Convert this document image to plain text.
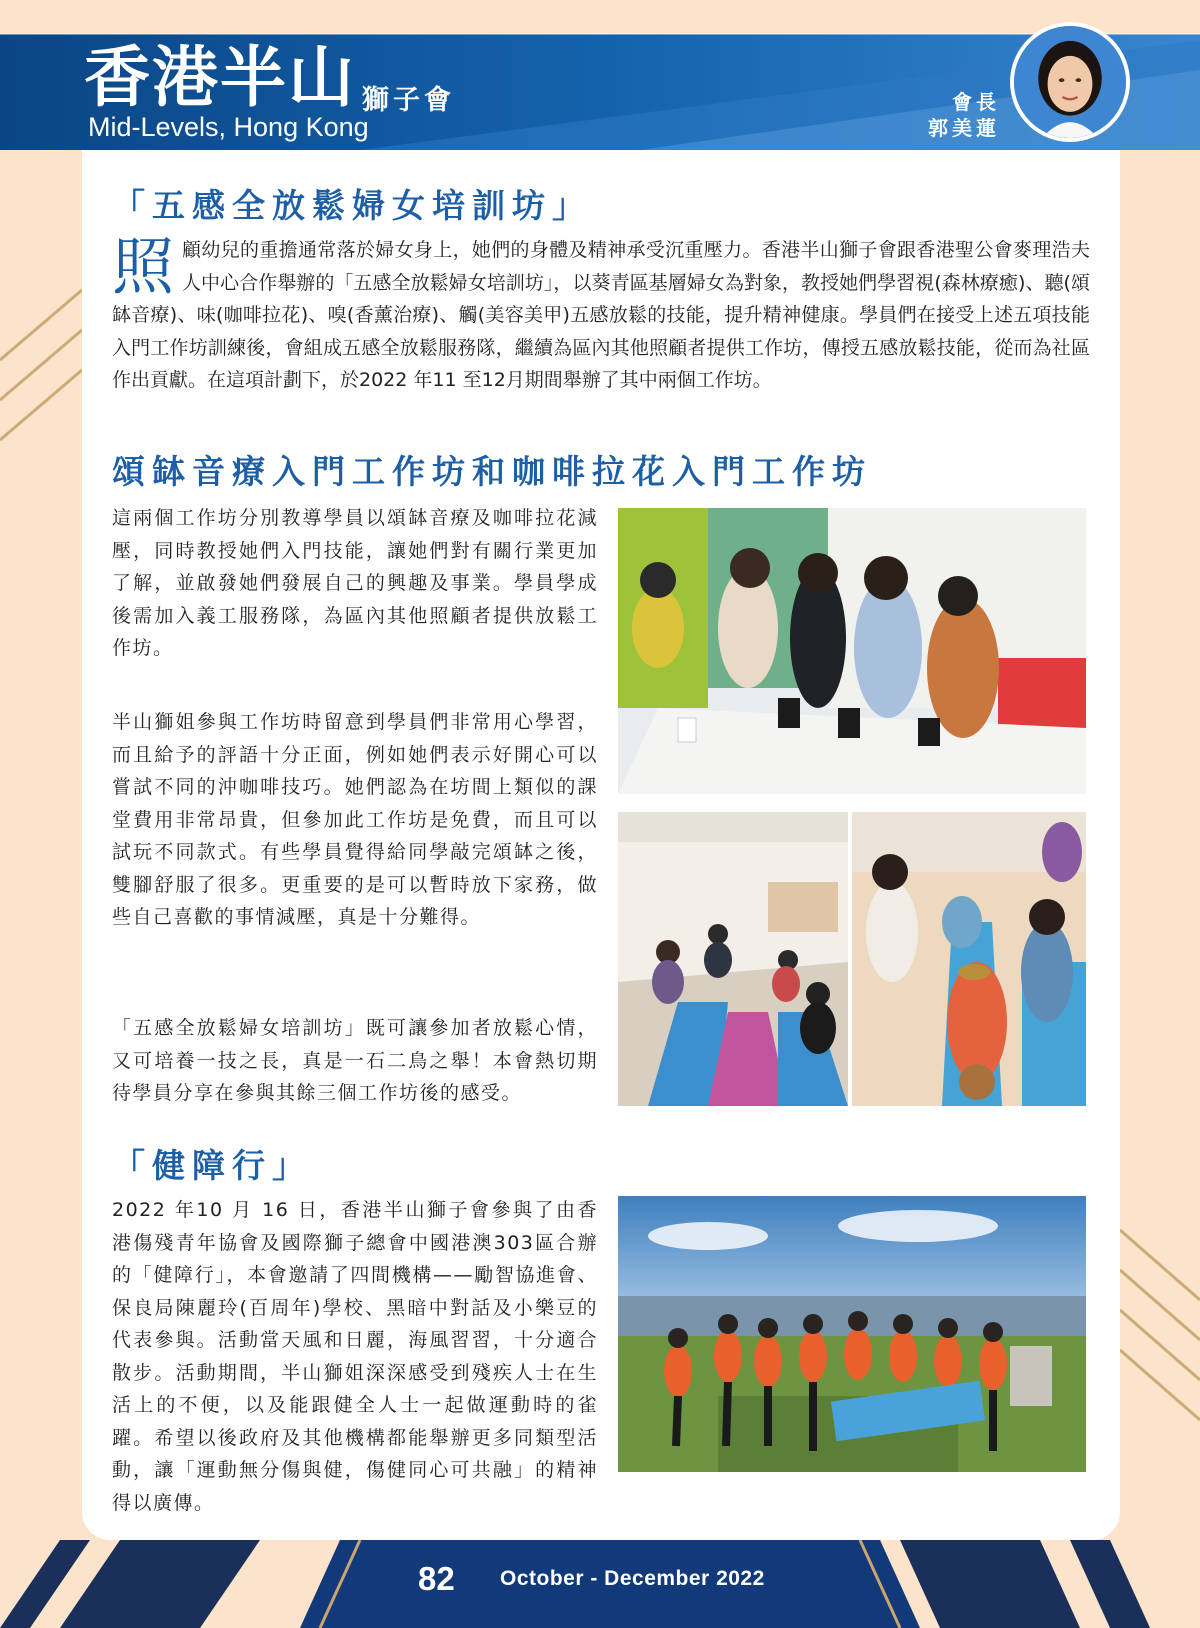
香港半山 獅子會
Mid-Levels, Hong Kong
會長
郭美蓮
「五感全放鬆婦女培訓坊」

照顧幼兒的重擔通常落於婦女身上，她們的身體及精神承受沉重壓力。香港半山獅子會跟香港聖公會麥理浩夫人中心合作舉辦的「五感全放鬆婦女培訓坊」，以葵青區基層婦女為對象，教授她們學習視(森林療癒)、聽(頌缽音療)、味(咖啡拉花)、嗅(香薰治療)、觸(美容美甲)五感放鬆的技能，提升精神健康。學員們在接受上述五項技能入門工作坊訓練後，會組成五感全放鬆服務隊，繼續為區內其他照顧者提供工作坊，傳授五感放鬆技能，從而為社區作出貢獻。在這項計劃下，於2022 年11 至12月期間舉辦了其中兩個工作坊。

頌缽音療入門工作坊和咖啡拉花入門工作坊

這兩個工作坊分別教導學員以頌缽音療及咖啡拉花減壓，同時教授她們入門技能，讓她們對有關行業更加了解，並啟發她們發展自己的興趣及事業。學員學成後需加入義工服務隊，為區內其他照顧者提供放鬆工作坊。

半山獅姐參與工作坊時留意到學員們非常用心學習，而且給予的評語十分正面，例如她們表示好開心可以嘗試不同的沖咖啡技巧。她們認為在坊間上類似的課堂費用非常昂貴，但參加此工作坊是免費，而且可以試玩不同款式。有些學員覺得給同學敲完頌缽之後，雙腳舒服了很多。更重要的是可以暫時放下家務，做些自己喜歡的事情減壓，真是十分難得。

「五感全放鬆婦女培訓坊」既可讓參加者放鬆心情，又可培養一技之長，真是一石二鳥之舉！本會熱切期待學員分享在參與其餘三個工作坊後的感受。

「健障行」

2022 年10 月 16 日，香港半山獅子會參與了由香港傷殘青年協會及國際獅子總會中國港澳303區合辦的「健障行」，本會邀請了四間機構——勵智協進會、保良局陳麗玲(百周年)學校、黑暗中對話及小樂豆的代表參與。活動當天風和日麗，海風習習，十分適合散步。活動期間，半山獅姐深深感受到殘疾人士在生活上的不便，以及能跟健全人士一起做運動時的雀躍。希望以後政府及其他機構都能舉辦更多同類型活動，讓「運動無分傷與健，傷健同心可共融」的精神得以廣傳。

82 October - December 2022
